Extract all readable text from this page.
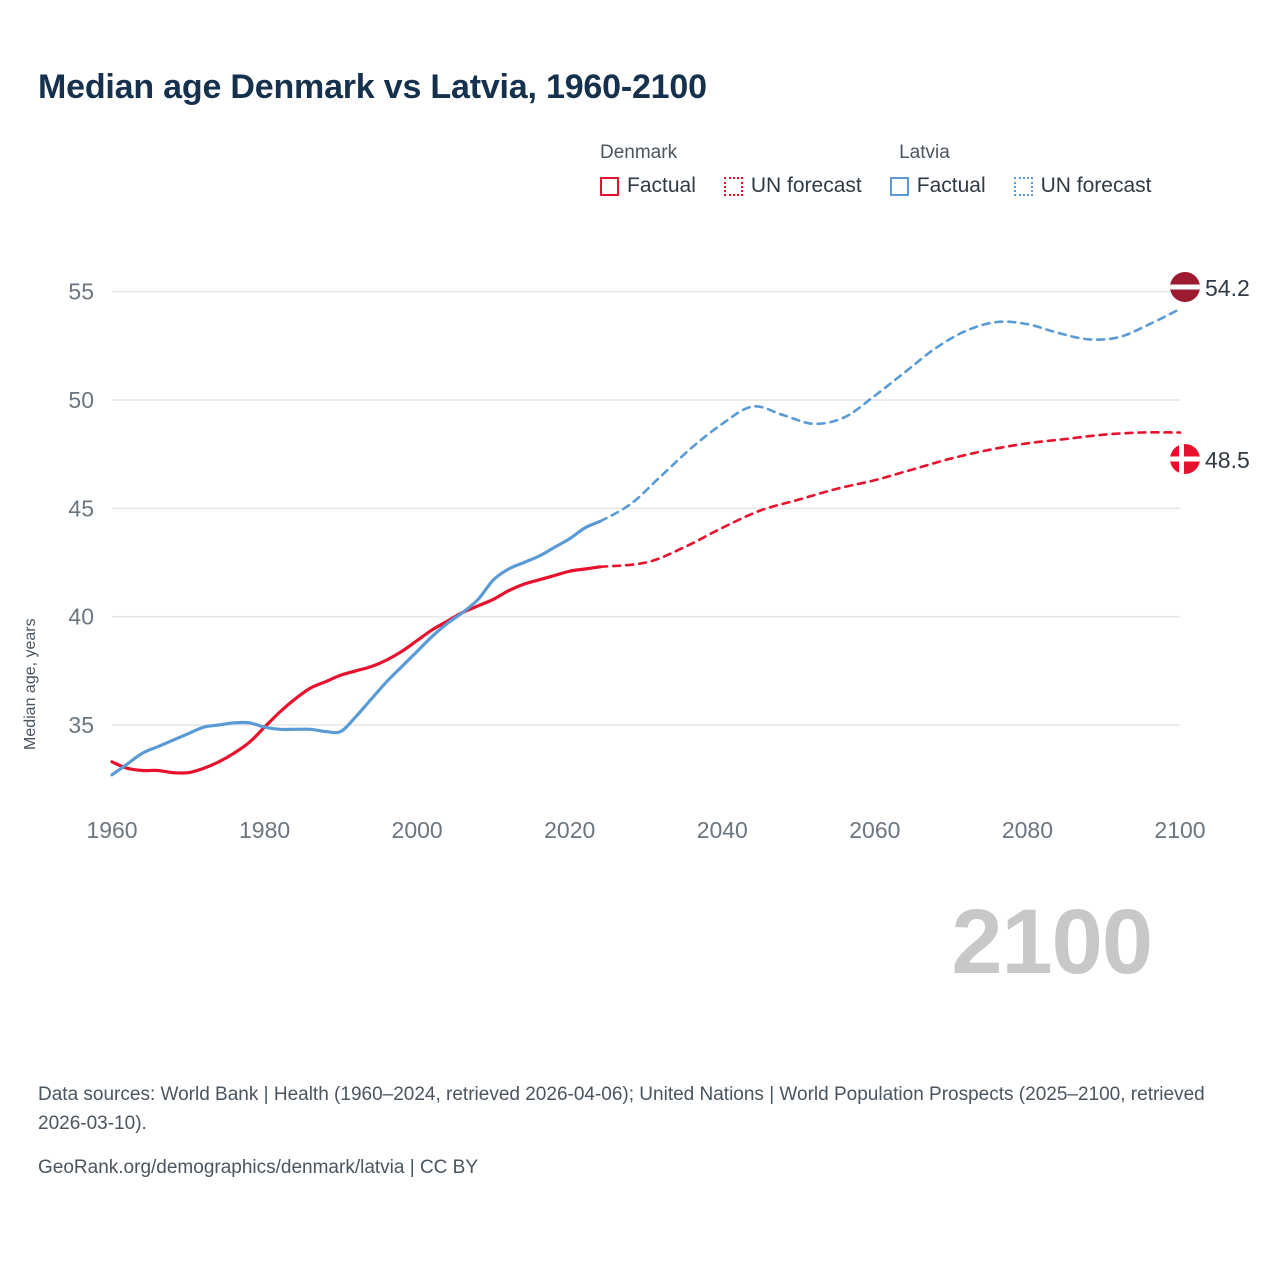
Median age Denmark vs Latvia, 1960-2100
Denmark	Latvia
Factual	UN forecast	Factual	UN forecast
Median age, years 35
40
45
50
55
1960	1980	2000	2020	2040	2060	2080	2100
2100
54.2
48.5
Data sources: World Bank | Health (1960–2024, retrieved 2026-04-06); United Nations | World Population Prospects (2025–2100, retrieved 2026-03-10).
GeoRank.org/demographics/denmark/latvia | CC BY
